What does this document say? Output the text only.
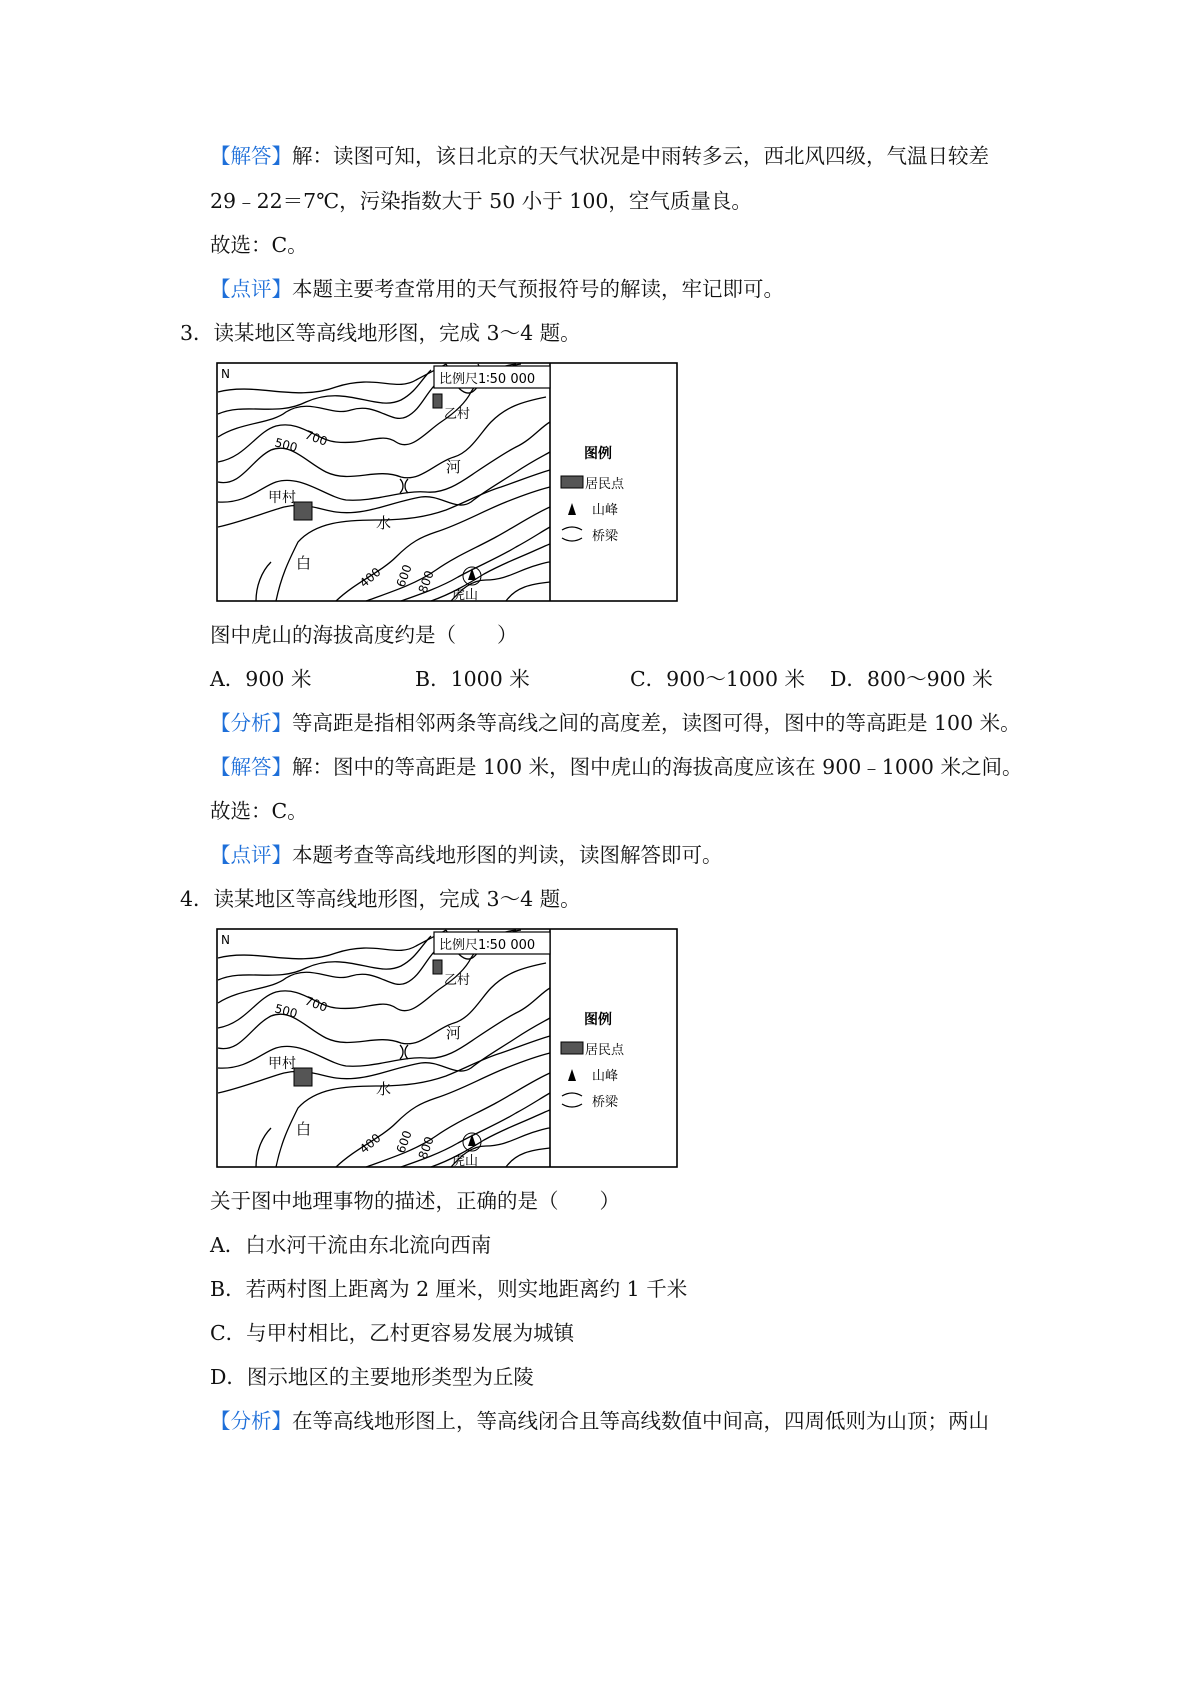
【解答】解：读图可知，该日北京的天气状况是中雨转多云，西北风四级，气温日较差
29﹣22＝7℃，污染指数大于 50 小于 100，空气质量良。
故选：C。
【点评】本题主要考查常用的天气预报符号的解读，牢记即可。
3．读某地区等高线地形图，完成 3～4 题。
比例尺1∶50 000
N
700
500
400 600 800
甲村
乙村
白
水
河
虎山
图例
居民点
山峰
桥梁
图中虎山的海拔高度约是（　　）
A．900 米	B．1000 米	C．900～1000 米 D．800～900 米
【分析】等高距是指相邻两条等高线之间的高度差，读图可得，图中的等高距是 100 米。
【解答】解：图中的等高距是 100 米，图中虎山的海拔高度应该在 900﹣1000 米之间。
故选：C。
【点评】本题考查等高线地形图的判读，读图解答即可。
4．读某地区等高线地形图，完成 3～4 题。
比例尺1∶50 000
N
700
500
400 600 800
甲村
乙村
白
水
河
虎山
图例
居民点
山峰
桥梁
关于图中地理事物的描述，正确的是（　　）
A．白水河干流由东北流向西南
B．若两村图上距离为 2 厘米，则实地距离约 1 千米
C．与甲村相比，乙村更容易发展为城镇
D．图示地区的主要地形类型为丘陵
【分析】在等高线地形图上，等高线闭合且等高线数值中间高，四周低则为山顶；两山
